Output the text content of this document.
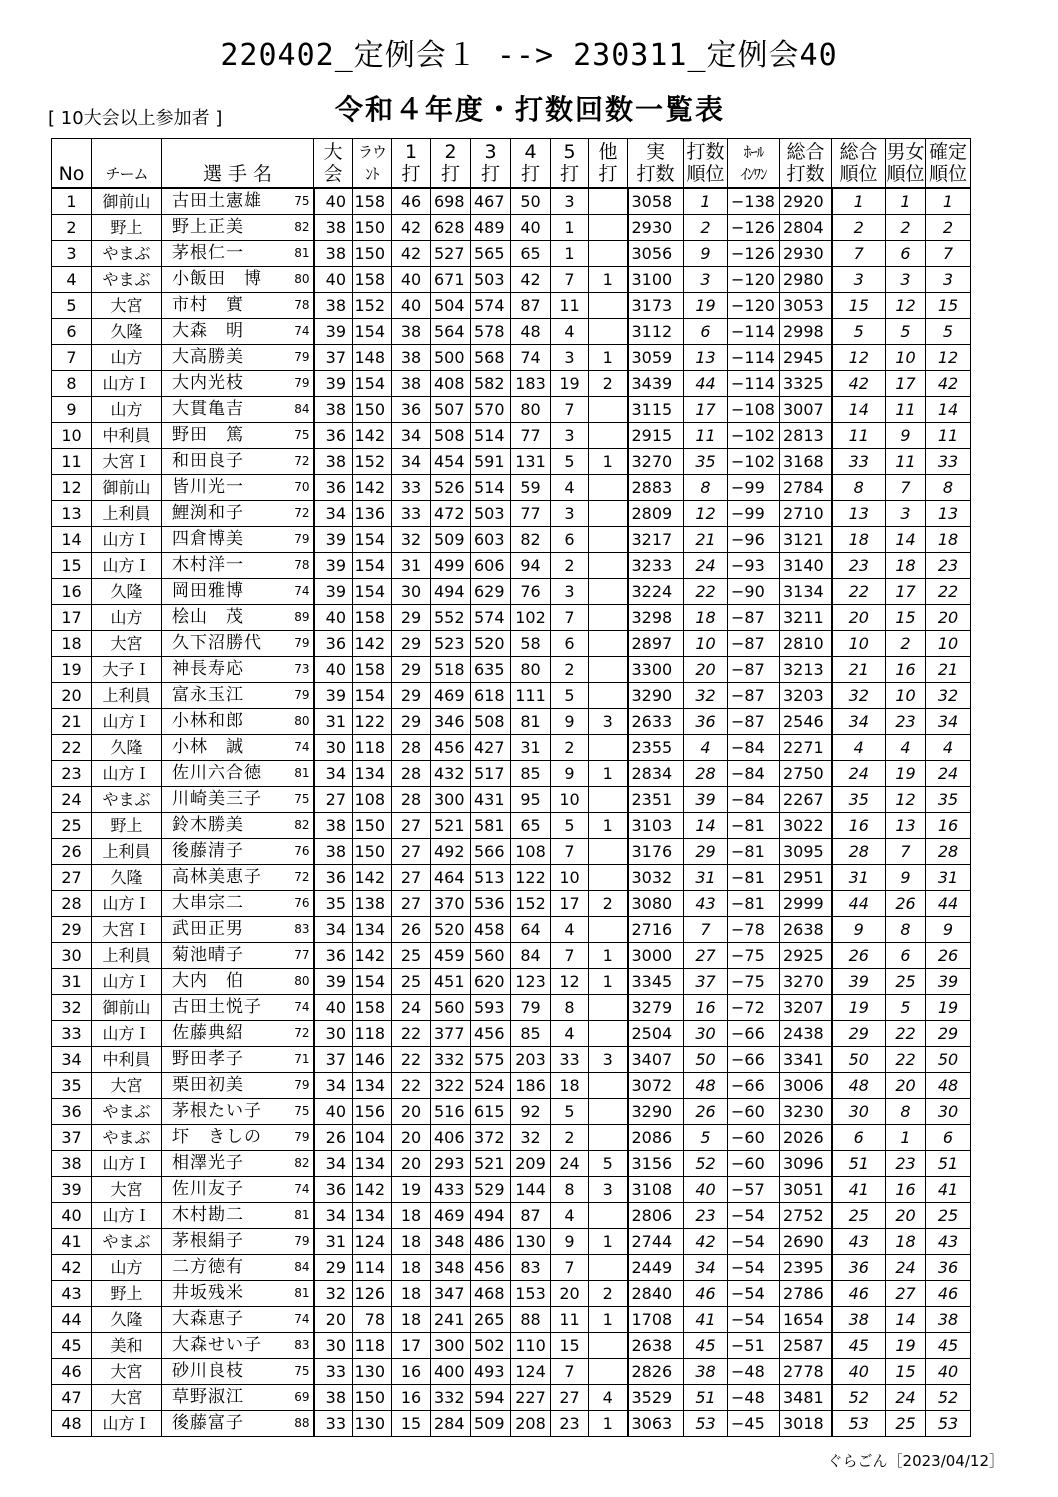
220402_定例会１ --> 230311_定例会40
[ 10大会以上参加者 ]	令和４年度・打数回数一覧表
				大	ラウ	1	2	3	4	5	他	実	打数	ﾎｰﾙ	総合	総合	男女	確定
No	チーム	選 手 名		会	ﾝﾄ	打	打	打	打	打	打	打数	順位	ｲﾝﾜﾝ	打数	順位	順位	順位
1	御前山	古田土憲雄	75	40	158	46	698	467	50	3		3058	1	−138	2920	1	1	1
2	野上	野上正美	82	38	150	42	628	489	40	1		2930	2	−126	2804	2	2	2
3	やまぶ	茅根仁一	81	38	150	42	527	565	65	1		3056	9	−126	2930	7	6	7
4	やまぶ	小飯田　博	80	40	158	40	671	503	42	7	1	3100	3	−120	2980	3	3	3
5	大宮	市村　實	78	38	152	40	504	574	87	11		3173	19	−120	3053	15	12	15
6	久隆	大森　明	74	39	154	38	564	578	48	4		3112	6	−114	2998	5	5	5
7	山方	大高勝美	79	37	148	38	500	568	74	3	1	3059	13	−114	2945	12	10	12
8	山方Ｉ	大内光枝	79	39	154	38	408	582	183	19	2	3439	44	−114	3325	42	17	42
9	山方	大貫亀吉	84	38	150	36	507	570	80	7		3115	17	−108	3007	14	11	14
10	中利員	野田　篤	75	36	142	34	508	514	77	3		2915	11	−102	2813	11	9	11
11	大宮Ｉ	和田良子	72	38	152	34	454	591	131	5	1	3270	35	−102	3168	33	11	33
12	御前山	皆川光一	70	36	142	33	526	514	59	4		2883	8	−99	2784	8	7	8
13	上利員	鯉渕和子	72	34	136	33	472	503	77	3		2809	12	−99	2710	13	3	13
14	山方Ｉ	四倉博美	79	39	154	32	509	603	82	6		3217	21	−96	3121	18	14	18
15	山方Ｉ	木村洋一	78	39	154	31	499	606	94	2		3233	24	−93	3140	23	18	23
16	久隆	岡田雅博	74	39	154	30	494	629	76	3		3224	22	−90	3134	22	17	22
17	山方	桧山　茂	89	40	158	29	552	574	102	7		3298	18	−87	3211	20	15	20
18	大宮	久下沼勝代	79	36	142	29	523	520	58	6		2897	10	−87	2810	10	2	10
19	大子Ｉ	神長寿応	73	40	158	29	518	635	80	2		3300	20	−87	3213	21	16	21
20	上利員	富永玉江	79	39	154	29	469	618	111	5		3290	32	−87	3203	32	10	32
21	山方Ｉ	小林和郎	80	31	122	29	346	508	81	9	3	2633	36	−87	2546	34	23	34
22	久隆	小林　誠	74	30	118	28	456	427	31	2		2355	4	−84	2271	4	4	4
23	山方Ｉ	佐川六合徳	81	34	134	28	432	517	85	9	1	2834	28	−84	2750	24	19	24
24	やまぶ	川崎美三子	75	27	108	28	300	431	95	10		2351	39	−84	2267	35	12	35
25	野上	鈴木勝美	82	38	150	27	521	581	65	5	1	3103	14	−81	3022	16	13	16
26	上利員	後藤清子	76	38	150	27	492	566	108	7		3176	29	−81	3095	28	7	28
27	久隆	高林美恵子	72	36	142	27	464	513	122	10		3032	31	−81	2951	31	9	31
28	山方Ｉ	大串宗二	76	35	138	27	370	536	152	17	2	3080	43	−81	2999	44	26	44
29	大宮Ｉ	武田正男	83	34	134	26	520	458	64	4		2716	7	−78	2638	9	8	9
30	上利員	菊池晴子	77	36	142	25	459	560	84	7	1	3000	27	−75	2925	26	6	26
31	山方Ｉ	大内　伯	80	39	154	25	451	620	123	12	1	3345	37	−75	3270	39	25	39
32	御前山	古田土悦子	74	40	158	24	560	593	79	8		3279	16	−72	3207	19	5	19
33	山方Ｉ	佐藤典紹	72	30	118	22	377	456	85	4		2504	30	−66	2438	29	22	29
34	中利員	野田孝子	71	37	146	22	332	575	203	33	3	3407	50	−66	3341	50	22	50
35	大宮	栗田初美	79	34	134	22	322	524	186	18		3072	48	−66	3006	48	20	48
36	やまぶ	茅根たい子	75	40	156	20	516	615	92	5		3290	26	−60	3230	30	8	30
37	やまぶ	圷　きしの	79	26	104	20	406	372	32	2		2086	5	−60	2026	6	1	6
38	山方Ｉ	相澤光子	82	34	134	20	293	521	209	24	5	3156	52	−60	3096	51	23	51
39	大宮	佐川友子	74	36	142	19	433	529	144	8	3	3108	40	−57	3051	41	16	41
40	山方Ｉ	木村勘二	81	34	134	18	469	494	87	4		2806	23	−54	2752	25	20	25
41	やまぶ	茅根絹子	79	31	124	18	348	486	130	9	1	2744	42	−54	2690	43	18	43
42	山方	二方徳有	84	29	114	18	348	456	83	7		2449	34	−54	2395	36	24	36
43	野上	井坂残米	81	32	126	18	347	468	153	20	2	2840	46	−54	2786	46	27	46
44	久隆	大森恵子	74	20	78	18	241	265	88	11	1	1708	41	−54	1654	38	14	38
45	美和	大森せい子	83	30	118	17	300	502	110	15		2638	45	−51	2587	45	19	45
46	大宮	砂川良枝	75	33	130	16	400	493	124	7		2826	38	−48	2778	40	15	40
47	大宮	草野淑江	69	38	150	16	332	594	227	27	4	3529	51	−48	3481	52	24	52
48	山方Ｉ	後藤富子	88	33	130	15	284	509	208	23	1	3063	53	−45	3018	53	25	53
ぐらごん［2023/04/12］
